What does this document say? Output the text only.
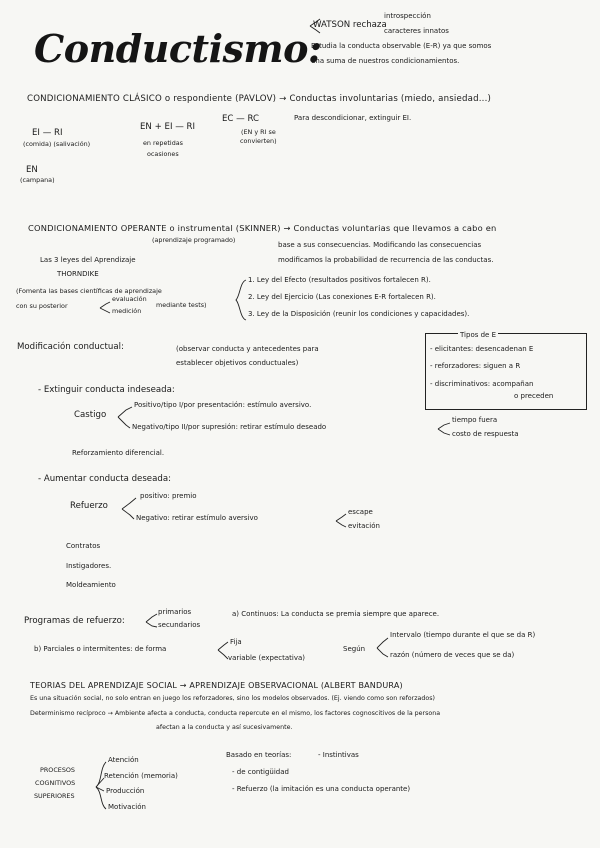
Conductismo:
WATSON rechaza
introspección
caracteres innatos
Estudia la conducta observable (E-R) ya que somos
una suma de nuestros condicionamientos.
CONDICIONAMIENTO CLÁSICO o respondiente (PAVLOV) → Conductas involuntarias (miedo, ansiedad...)
EI — RI
(comida) (salivación)
EN
(campana)
EN + EI — RI
en repetidas
ocasiones
EC — RC
(EN y RI se
convierten)
Para descondicionar, extinguir EI.
CONDICIONAMIENTO OPERANTE o instrumental (SKINNER) → Conductas voluntarias que llevamos a cabo en
(aprendizaje programado)
base a sus consecuencias. Modificando las consecuencias
modificamos la probabilidad de recurrencia de las conductas.
Las 3 leyes del Aprendizaje
THORNDIKE
(Fomenta las bases científicas de aprendizaje
con su posterior
evaluación
medición
mediante tests)
1. Ley del Efecto (resultados positivos fortalecen R).
2. Ley del Ejercicio (Las conexiones E-R fortalecen R).
3. Ley de la Disposición (reunir los condiciones y capacidades).
Modificación conductual:	(observar conducta y antecedentes para
establecer objetivos conductuales)
Tipos de E
- elicitantes: desencadenan E
- reforzadores: siguen a R
- discriminativos: acompañan
o preceden
- Extinguir conducta indeseada:
Castigo
Positivo/tipo I/por presentación: estímulo aversivo.
Negativo/tipo II/por supresión: retirar estímulo deseado
tiempo fuera
costo de respuesta
Reforzamiento diferencial.
- Aumentar conducta deseada:
Refuerzo
positivo: premio
Negativo: retirar estímulo aversivo
escape
evitación
Contratos
Instigadores.
Moldeamiento
Programas de refuerzo:
primarios
secundarios
a) Continuos: La conducta se premia siempre que aparece.
b) Parciales o intermitentes: de forma
Fija
variable (expectativa)
Según
Intervalo (tiempo durante el que se da R)
razón (número de veces que se da)
TEORIAS DEL APRENDIZAJE SOCIAL → APRENDIZAJE OBSERVACIONAL (ALBERT BANDURA)
Es una situación social, no solo entran en juego los reforzadores, sino los modelos observados. (Ej. viendo como son reforzados)
Determinismo recíproco → Ambiente afecta a conducta, conducta repercute en el mismo, los factores cognoscitivos de la persona
afectan a la conducta y así sucesivamente.
PROCESOS
COGNITIVOS
SUPERIORES
Atención
Retención (memoria)
Producción
Motivación
Basado en teorías:	- Instintivas
- de contigüidad
- Refuerzo (la imitación es una conducta operante)
